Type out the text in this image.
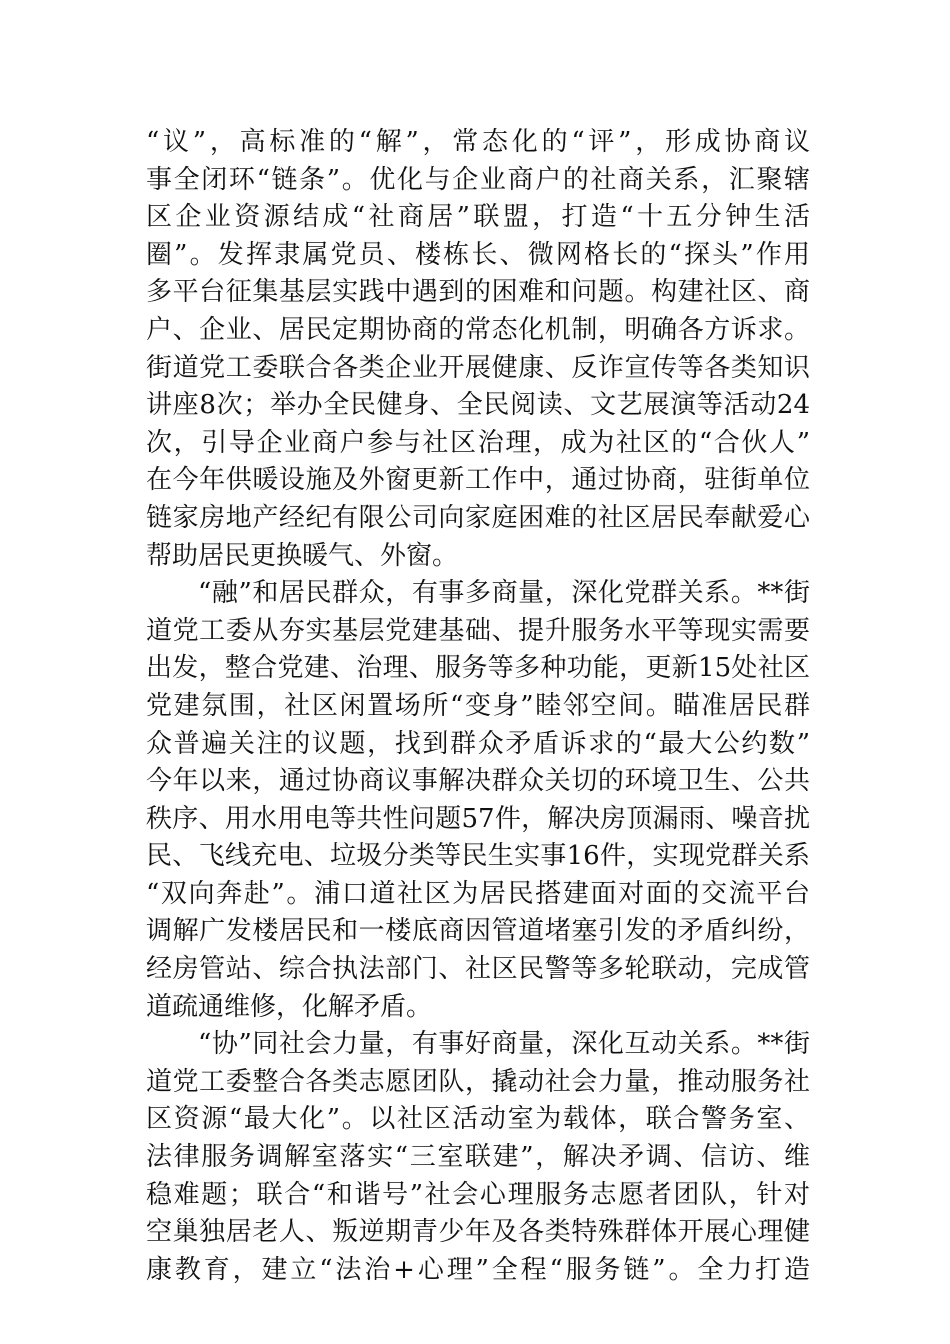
“议”，高标准的“解”，常态化的“评”，形成协商议
事全闭环“链条”。优化与企业商户的社商关系，汇聚辖
区企业资源结成“社商居”联盟，打造“十五分钟生活
圈”。发挥隶属党员、楼栋长、微网格长的“探头”作用
多平台征集基层实践中遇到的困难和问题。构建社区、商
户、企业、居民定期协商的常态化机制，明确各方诉求。
街道党工委联合各类企业开展健康、反诈宣传等各类知识
讲座8次；举办全民健身、全民阅读、文艺展演等活动24
次，引导企业商户参与社区治理，成为社区的“合伙人”
在今年供暖设施及外窗更新工作中，通过协商，驻街单位
链家房地产经纪有限公司向家庭困难的社区居民奉献爱心
帮助居民更换暖气、外窗。
“融”和居民群众，有事多商量，深化党群关系。**街
道党工委从夯实基层党建基础、提升服务水平等现实需要
出发，整合党建、治理、服务等多种功能，更新15处社区
党建氛围，社区闲置场所“变身”睦邻空间。瞄准居民群
众普遍关注的议题，找到群众矛盾诉求的“最大公约数”
今年以来，通过协商议事解决群众关切的环境卫生、公共
秩序、用水用电等共性问题57件，解决房顶漏雨、噪音扰
民、飞线充电、垃圾分类等民生实事16件，实现党群关系
“双向奔赴”。浦口道社区为居民搭建面对面的交流平台
调解广发楼居民和一楼底商因管道堵塞引发的矛盾纠纷，
经房管站、综合执法部门、社区民警等多轮联动，完成管
道疏通维修，化解矛盾。
“协”同社会力量，有事好商量，深化互动关系。**街
道党工委整合各类志愿团队，撬动社会力量，推动服务社
区资源“最大化”。以社区活动室为载体，联合警务室、
法律服务调解室落实“三室联建”，解决矛调、信访、维
稳难题；联合“和谐号”社会心理服务志愿者团队，针对
空巢独居老人、叛逆期青少年及各类特殊群体开展心理健
康教育，建立“法治+心理”全程“服务链”。全力打造
